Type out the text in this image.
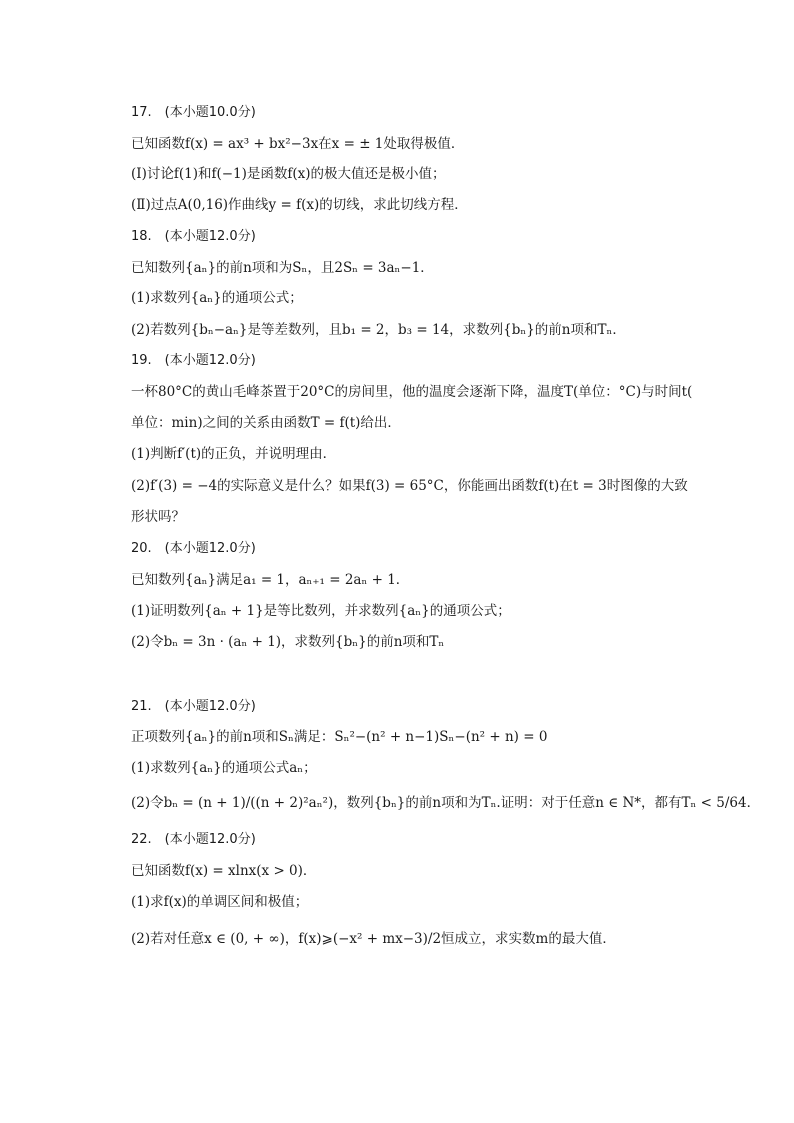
17.　(本小题10.0分)
已知函数f(x) = ax³ + bx²−3x在x = ± 1处取得极值．
(Ⅰ)讨论f(1)和f(−1)是函数f(x)的极大值还是极小值；
(Ⅱ)过点A(0,16)作曲线y = f(x)的切线，求此切线方程．
18.　(本小题12.0分)
已知数列{aₙ}的前n项和为Sₙ，且2Sₙ = 3aₙ−1．
(1)求数列{aₙ}的通项公式；
(2)若数列{bₙ−aₙ}是等差数列，且b₁ = 2，b₃ = 14，求数列{bₙ}的前n项和Tₙ．
19.　(本小题12.0分)
一杯80°C的黄山毛峰茶置于20°C的房间里，他的温度会逐渐下降，温度T(单位：°C)与时间t(
单位：min)之间的关系由函数T = f(t)给出．
(1)判断f′(t)的正负，并说明理由．
(2)f′(3) = −4的实际意义是什么？如果f(3) = 65°C，你能画出函数f(t)在t = 3时图像的大致
形状吗？
20.　(本小题12.0分)
已知数列{aₙ}满足a₁ = 1，aₙ₊₁ = 2aₙ + 1．
(1)证明数列{aₙ + 1}是等比数列，并求数列{aₙ}的通项公式；
(2)令bₙ = 3n · (aₙ + 1)，求数列{bₙ}的前n项和Tₙ
21.　(本小题12.0分)
正项数列{aₙ}的前n项和Sₙ满足：Sₙ²−(n² + n−1)Sₙ−(n² + n) = 0
(1)求数列{aₙ}的通项公式aₙ；
(2)令bₙ = (n + 1)/((n + 2)²aₙ²)，数列{bₙ}的前n项和为Tₙ.证明：对于任意n ∈ N*，都有Tₙ < 5/64．
22.　(本小题12.0分)
已知函数f(x) = xlnx(x > 0)．
(1)求f(x)的单调区间和极值；
(2)若对任意x ∈ (0, + ∞)，f(x)⩾(−x² + mx−3)/2恒成立，求实数m的最大值．
